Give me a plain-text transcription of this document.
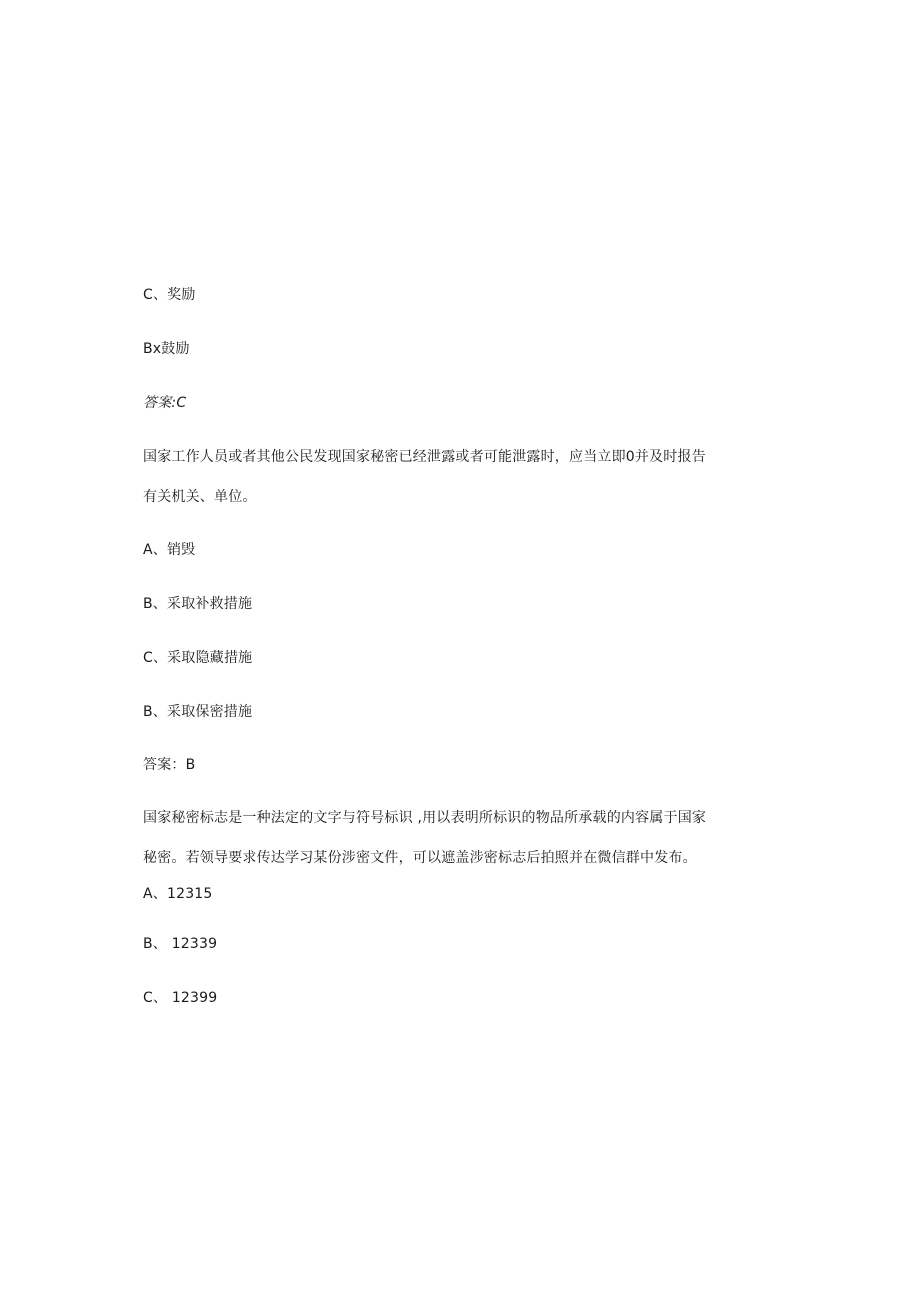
C、奖励
Bx鼓励
答案:C
国家工作人员或者其他公民发现国家秘密已经泄露或者可能泄露时，应当立即0并及时报告
有关机关、单位。
A、销毁
B、采取补救措施
C、采取隐藏措施
B、采取保密措施
答案：B
国家秘密标志是一种法定的文字与符号标识 ,用以表明所标识的物品所承载的内容属于国家
秘密。若领导要求传达学习某份涉密文件，可以遮盖涉密标志后拍照并在微信群中发布。
A、12315
B、 12339
C、 12399
